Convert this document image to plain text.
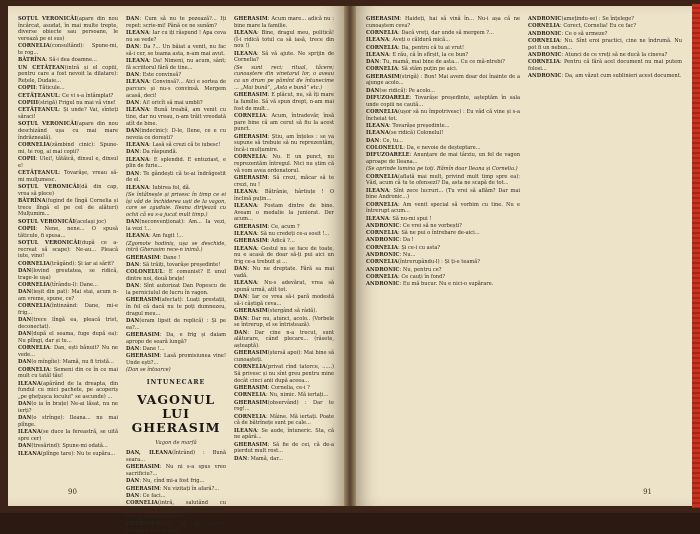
SOȚUL VERONICĂI(apare din nou încărcat, asudat, în mai multe trepte, diverse obiecte sau persoane, le verează pe ei sus)

CORNELIA(consultând): Spune-mi, te rog...

BĂTRÎNA: Să-i dea doamne...

UN CETĂȚEAN(intră și el copiii, pentru care a fost nevoit la dilatare): Rețele, Dudaie...

COPII: Tăticule...

CETĂȚEANUL: Ce vi s-a întâmplat?

COPIII(strigă) Frigul nu mai vă vine!

CETĂȚEANUL: Și unde? Vai, sînteți săraci!

SOȚUL VERONICĂI(apare din nou deschizând ușa cu mai mare îndrăzneală).

CORNELIA(zâmbind cinic): Spune-mi, te rog, ai mai copii?

COPII: Ulei!, tătăică, dinsul e, dinsul e!

CETĂȚEANUL: Tovarăşe, vreau să-mi mulţumesc.

SOȚUL VERONICĂI(dă din cap, vrea să plece)

BĂTRÎNA(fugind de lîngă Cornelia și trece lîngă el pe cel de alături) Mulțumim...

SOȚUL VERONICĂI(același joc)

COPII: Nene, nene... O spusă tăticule, fi spusa...

SOȚUL VERONICĂI(după ce a-recreat să scape): Ne-au... Pleacă iute, vino!

CORNELIA(trăgând): Și iar ai sărit?

DAN(lovind greutatea, se ridică, trage-le ușa)

CORNELIA(tîrându-l): Dane...

DAN(ieșit din pat): Mai stai, acum n-am vreme, spune, ce?

CORNELIA(întinzând: Dane, mi-e frig...

DAN(trece lîngă ea, pleacă trist, deconectat).

DAN(după el seama, fuge după ea): Nu plîngi, dar și tu...

CORNELIA: Dan, ești bănuit? Nu ne vede...

DAN(o mîngîie): Mamă, nu fi tristă...

CORNELIA: Semeni din ce în ce mai mult cu tatăl tău!

ILEANA(apărând de la dreapta, din fundul cu mici pachete, pe acoperiș „pe gheţușca locului” se ascunde) ...

DAN(o ia în brațe) Ne-ai lăsat, nu ne ierți?

DAN(o strînge): Ileana... nu mai plînge.

ILEANA(se duce la fereastră, se uită spre cer)

DAN(tresărind): Spune-mi odată...

ILEANA(plînge tare): Nu te supăra...

DAN: Cum să nu te pozează?... Iți repet: scrie-mi! Până ce ne sunăm?

ILEANA: Iar cu iți răspund ! Apa ceva nu se vede?

DAN: Da ?... Un băiat a venit, nu fac să-i cer, se teama asta, n-am mai avut.

ILEANA: Da! Nimeni, nu acum, sânt; fă scriitorul fără de tine...

DAN: Este convinsă?

ILEANA: Convinsă?... Aici e sortea de parcurs și nu-s convinsă. Mergem acasă, deci!

DAN: Ai! oricît să mai umbli?

ILEANA: Bună treabă, am venit cu tine, dar nu vreau, n-am trăit vreodată atît de bine.

DAN(indecinic): D-le, Ilene, ce e cu nevoia ce dorești?

ILEANA: Lasă să crezi că te iubesc!

DAN: Da răspundă.

ILEANA: E splendid. E entuziast, e plin de furie...

DAN: Te gândești că te-ai îndrăgostit de el.

ILEANA: Iubirea fol, dă.

(Se întâlnește și privesc în timp ce ei își văd de închiderea ușii de la vagon, care se zguduie. Ileana dirijează cu ochii că ea s-a jucat mult timp.)

DAN(neconvenționat): Am... Ia vezi, la vezi !...

ILEANA: Am fugit !...

(Zgomote hodiniș, ușa se deschide, intră Gherasim rece-n inimă.)

GHERASIM: Dane !

DAN: Să trăiți, tovarășe președinte!

COLONELUL: E comunist? E unul dintre noi, două brațe!

DAN: Sînt autorizat Dan Popescu de la perniciulul de lucru în vagon.

GHERASIM(afectat): Luați prestații, în fel că dacă nu te poți dumnezeu, dragul meu...

DAN(eram lipsit de replică) : Și pe ea?...

GHERASIM: Da, e frig și daiam apropo de seară lungă?

DAN: Dane !...

GHERASIM: Lasă promisiunea vine! Unde ești?...

(Dan se întoarce)

INTUNECARE
VAGONUL
LUI GHERASIM
Vagon de marfă

DAN, ILEANA(întrând) : Bună seara...

GHERASIM: Nu ni s-a spus vreo sacrificiu?...

DAN: Nu, cînd mi-a fost frig...

GHERASIM: Nu vizitați în afară?...

DAN: Ce faci...

CORNELIA(intră, salutând cu mișcare de cap): Nimic pe doamna cu tăticul dumneavoastră...

GHERASIM(fără să ia seama, privind-o pe cei doi)...

GHERASIM: Acum mare... adică nu : bine mare la familie.

ILEANA: Bine, dragul meu, politică! (Î-i ridică totul ca să iasă, trece din nou !)

ILEANA: Să vă ajute. Ne sprijin de Cornelia?

(Se sunt reci; ritual, tăcere; cunoaștere din vinetarul lor, o aveau ca un drum pe pămînt de întunecime ... „Mai bună”, „Asta e bună” etc.)

GHERASIM: E plăcut, nu, să îți mare la familie. Să vă spun drept, n-am mai fost de mult...

CORNELIA: Acum, întradevăr, însă pare bine că am cerut să fiu la acest punct.

GHERASIM: Știu, am înțeles : se va supune să trebuie să nu reprezentăm, încă-i mulțumire.

CORNELIA: Nu. E un punct, nu reprezentăm întregul. Nici nu știm că vă vom avea ordonatorul.

GHERASIM: Să crezi, măcar să te crezi, nu !

ILEANA: Bătrânie, hârtiuțe ! O înclină puțin...

ILEANA: Fostam dintre de bine. Aveam o medalie la juniorat. Der acum...

GHERASIM: Ce, acum ?

ILEANA: Să nu credeți ce-a sosit !...

GHERASIM: Adică ?...

ILEANA: Gestul nu se face de toate, nu e acasă de doar să-ți pui aici un frig ce-a trebuit și ...

DAN: Nu ne dreptate. Fără sa mai vadă.

ILEANA: Nu-s adevărat, vrea să spună urmă, atît tot.

DAN: Iar ce vrea să-i pară modestă să-i câștigă ceva...

GHERASIM(stergând să râdă).

DAN: Dar nu, atunci, acolo.. (Vorbele se întrerup, el se întristează).

DAN: Dar cine n-a trecut, sunt alăturare, când plecare... (râsete, așteaptă).

GHERASIM(ștersă apoi): Mai bine să cunoașteți.

CORNELIA(privat rînd tatorce, ......) Să privesc și nu sînt greu pentru mine decât cinci anii după aceea...

GHERASIM: Cornelia, ce-i ?

CORNELIA: Nu, nimic. Mă iertați...

GHERASIM(observând) : Dar te rog!...

CORNELIA: Mâine. Mă iertați. Poate că de bătrînețe sunt pe cale...

ILEANA: Se aude, întuneric. Sta, că ne apără...

GHERASIM: Să fie de cei, că de-a pierdut mult rost...

DAN: Mamă, dar...

90

GHERASIM: Haideți, hai să vină în... Nu-i așa că ne cunoaștem ceva?

CORNELIA: Dacă vreți, dar unde să mergem ?...

ILEANA: Aveți o căldură mică...

CORNELIA: Da, pentru că tu ai vrut!

ILEANA: E rău, că în sfîrșit, la ce bun?

DAN: Tu, mamă, mai bine de asta... Cu ce mă-ntrebi?

CORNELIA: Să stăm puțin pe aici.

GHERASIM(strigă) : Bun! Mai avem doar doi înainte de a ajunge acolo...

DAN(se ridică): Pe acolo...

DIFUZOARELE: Tovarășe președinte, așteptăm în sala unde copiii ne caută...

CORNELIA(ușor să nu împotrivesc) : Eu văd că vine și s-a încheiat tot.

ILEANA: Tovarășe președinte...

ILEANA(se ridică) Colonelul!

DAN: Ce, tu...

COLONELUL: Da, e nevoie de deșteptare...

DIFUZOARELE: Anunțare de mai târziu, un fel de vagon aproape de Ileana...

(Se aprinde lumina pe toți. Rămîn doar Ileana și Cornelia.)

CORNELIA(aflată mai mult, privind mult timp spre ea): Văd, acum că tu te ofensezi? Da, asta ne scapă de tot...

ILEANA: Sînt zece lucruri... (Tu vrei să aflăm? Dar mai bine Andronic...)

CORNELIA: Am venit special să vorbim cu tine. Nu e întrerupt acum...

ILEANA: Să nu-mi spui !

ANDRONIC: Ce vrei să ne vorbești?

CORNELIA: Să ne pui o întrebare de-aici...

ANDRONIC: Da !

CORNELIA: Și ce-i cu asta?

ANDRONIC: Nu...

CORNELIA(întrerupându-l) : Și ți-e teamă?

ANDRONIC: Nu, pentru ce?

CORNELIA: Ce cauți în fond?

ANDRONIC: Eu mă bucur. Nu e nici-o supărare.

ANDRONIC(amețindu-se) : Se înțelege?

CORNELIA: Corect, Cornelia! Eu ce fac?

ANDRONIC: Ce o să urmeze?

CORNELIA: Nu. Sînt eroi practici, cine ne îndrumă. Nu pot fi un nebun...

ANDRONIC: Atunci de ce vreți să ne ducă la cineva?

CORNELIA: Pentru că fără acel document nu mai putem folosi...

ANDRONIC: Da, am văzut cum sublinieri acest document.

91
